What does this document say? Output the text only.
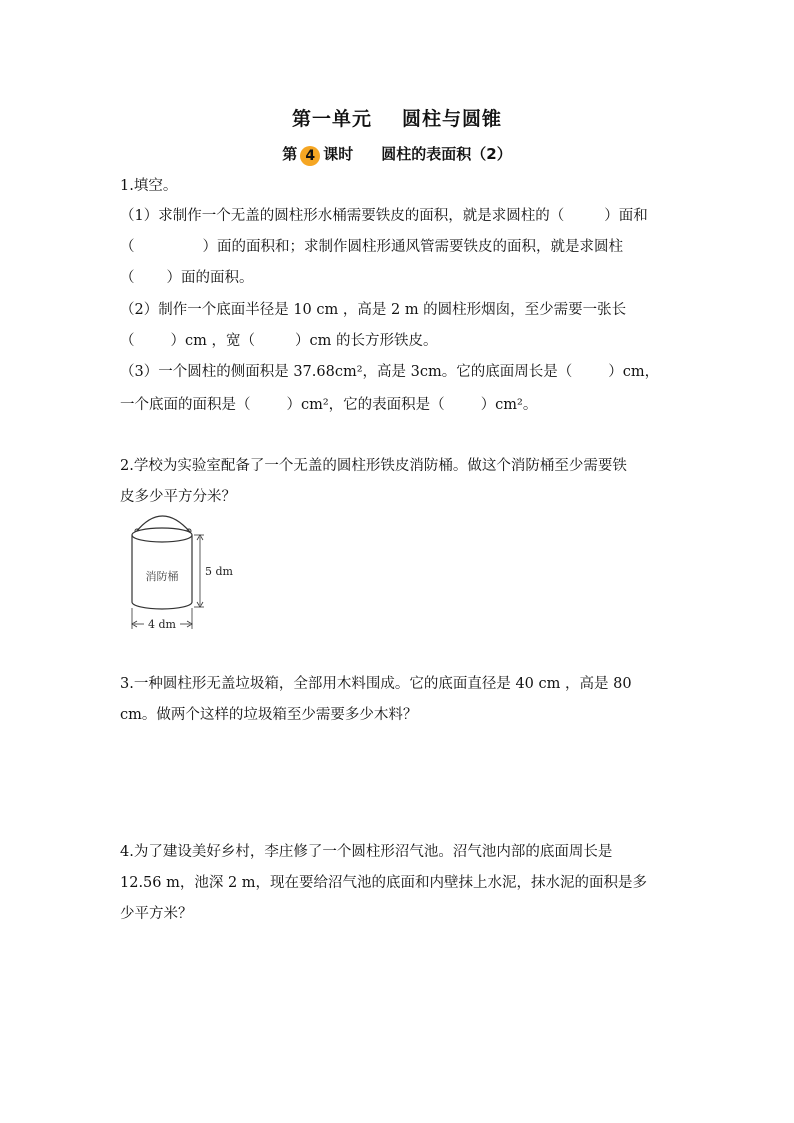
第一单元 圆柱与圆锥
第 4 课时 圆柱的表面积（2）
1.填空。
（1）求制作一个无盖的圆柱形水桶需要铁皮的面积，就是求圆柱的（	）面和
（	）面的面积和；求制作圆柱形通风管需要铁皮的面积，就是求圆柱
（ ）面的面积。
（2）制作一个底面半径是 10 cm ，高是 2 m 的圆柱形烟囱，至少需要一张长
（ ）cm ，宽（	）cm 的长方形铁皮。
（3）一个圆柱的侧面积是 37.68cm²，高是 3cm。它的底面周长是（ ）cm，
一个底面的面积是（ ）cm²，它的表面积是（ ）cm²。
2.学校为实验室配备了一个无盖的圆柱形铁皮消防桶。做这个消防桶至少需要铁
皮多少平方分米？
消防桶 5 dm
4 dm
3.一种圆柱形无盖垃圾箱，全部用木料围成。它的底面直径是 40 cm ，高是 80
cm。做两个这样的垃圾箱至少需要多少木料？
4.为了建设美好乡村，李庄修了一个圆柱形沼气池。沼气池内部的底面周长是
12.56 m，池深 2 m，现在要给沼气池的底面和内壁抹上水泥，抹水泥的面积是多
少平方米？
